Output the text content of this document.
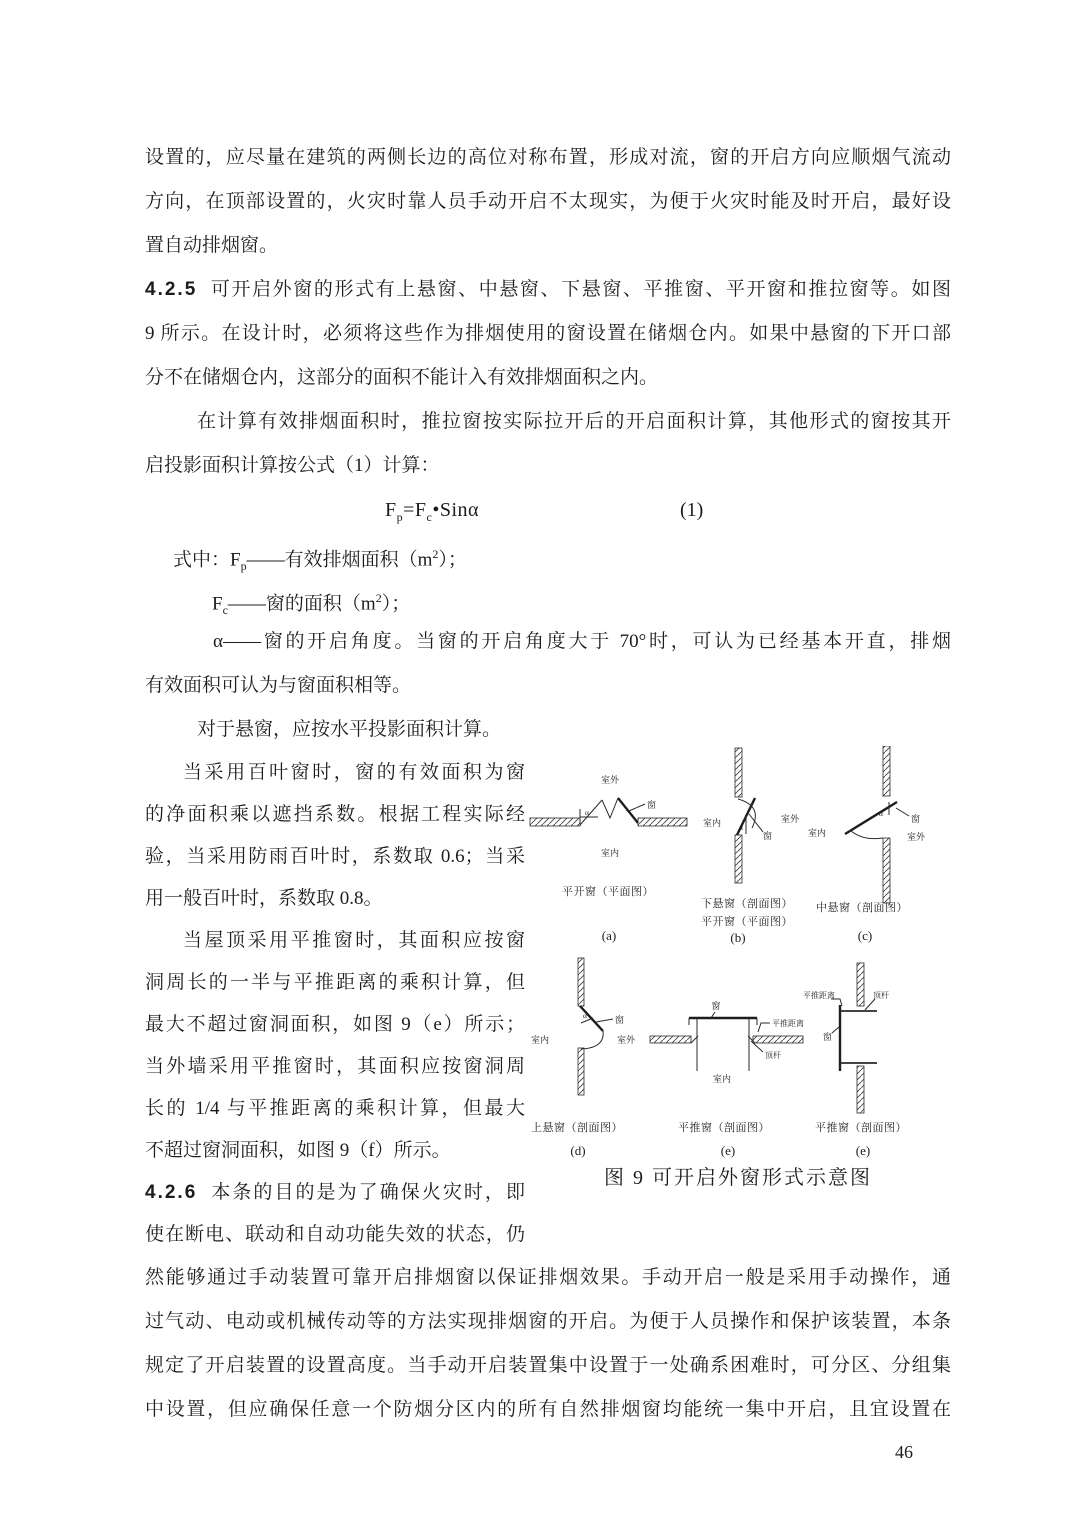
设置的，应尽量在建筑的两侧长边的高位对称布置，形成对流，窗的开启方向应顺烟气流动
方向，在顶部设置的，火灾时靠人员手动开启不太现实，为便于火灾时能及时开启，最好设
置自动排烟窗。
4.2.5 可开启外窗的形式有上悬窗、中悬窗、下悬窗、平推窗、平开窗和推拉窗等。如图
9 所示。在设计时，必须将这些作为排烟使用的窗设置在储烟仓内。如果中悬窗的下开口部
分不在储烟仓内，这部分的面积不能计入有效排烟面积之内。
在计算有效排烟面积时，推拉窗按实际拉开后的开启面积计算，其他形式的窗按其开
启投影面积计算按公式（1）计算：
$F_p=F_c•Sin\alpha$	(1)
式中：$F_p——$有效排烟面积$(m^2)$；
$F_c——$窗的面积$(m^2)$；
α——窗的开启角度。当窗的开启角度大于 70°时，可认为已经基本开直，排烟
有效面积可认为与窗面积相等。
对于悬窗，应按水平投影面积计算。
当采用百叶窗时，窗的有效面积为窗
的净面积乘以遮挡系数。根据工程实际经
验，当采用防雨百叶时，系数取 0.6；当采
用一般百叶时，系数取 0.8。
当屋顶采用平推窗时，其面积应按窗
洞周长的一半与平推距离的乘积计算，但
最大不超过窗洞面积，如图 9（e）所示；
当外墙采用平推窗时，其面积应按窗洞周
长的 1/4 与平推距离的乘积计算，但最大
不超过窗洞面积，如图 9（f）所示。
4.2.6 本条的目的是为了确保火灾时，即
使在断电、联动和自动功能失效的状态，仍
α
室外
窗
室内
平开窗（平面图）
(a)
α
室内	室外
窗
下悬窗（剖面图）
平开窗（平面图）
(b)
α
窗
室外
室内
中悬窗（剖面图）
(c)
α	窗
室内	室外
上悬窗（剖面图）
(d)
窗
平推距离
顶杆
室内
平推窗（剖面图）
(e)
平推距离	顶杆
窗
平推窗（剖面图）
(e)
图 9 可开启外窗形式示意图
然能够通过手动装置可靠开启排烟窗以保证排烟效果。手动开启一般是采用手动操作，通
过气动、电动或机械传动等的方法实现排烟窗的开启。为便于人员操作和保护该装置，本条
规定了开启装置的设置高度。当手动开启装置集中设置于一处确系困难时，可分区、分组集
中设置，但应确保任意一个防烟分区内的所有自然排烟窗均能统一集中开启，且宜设置在
46
